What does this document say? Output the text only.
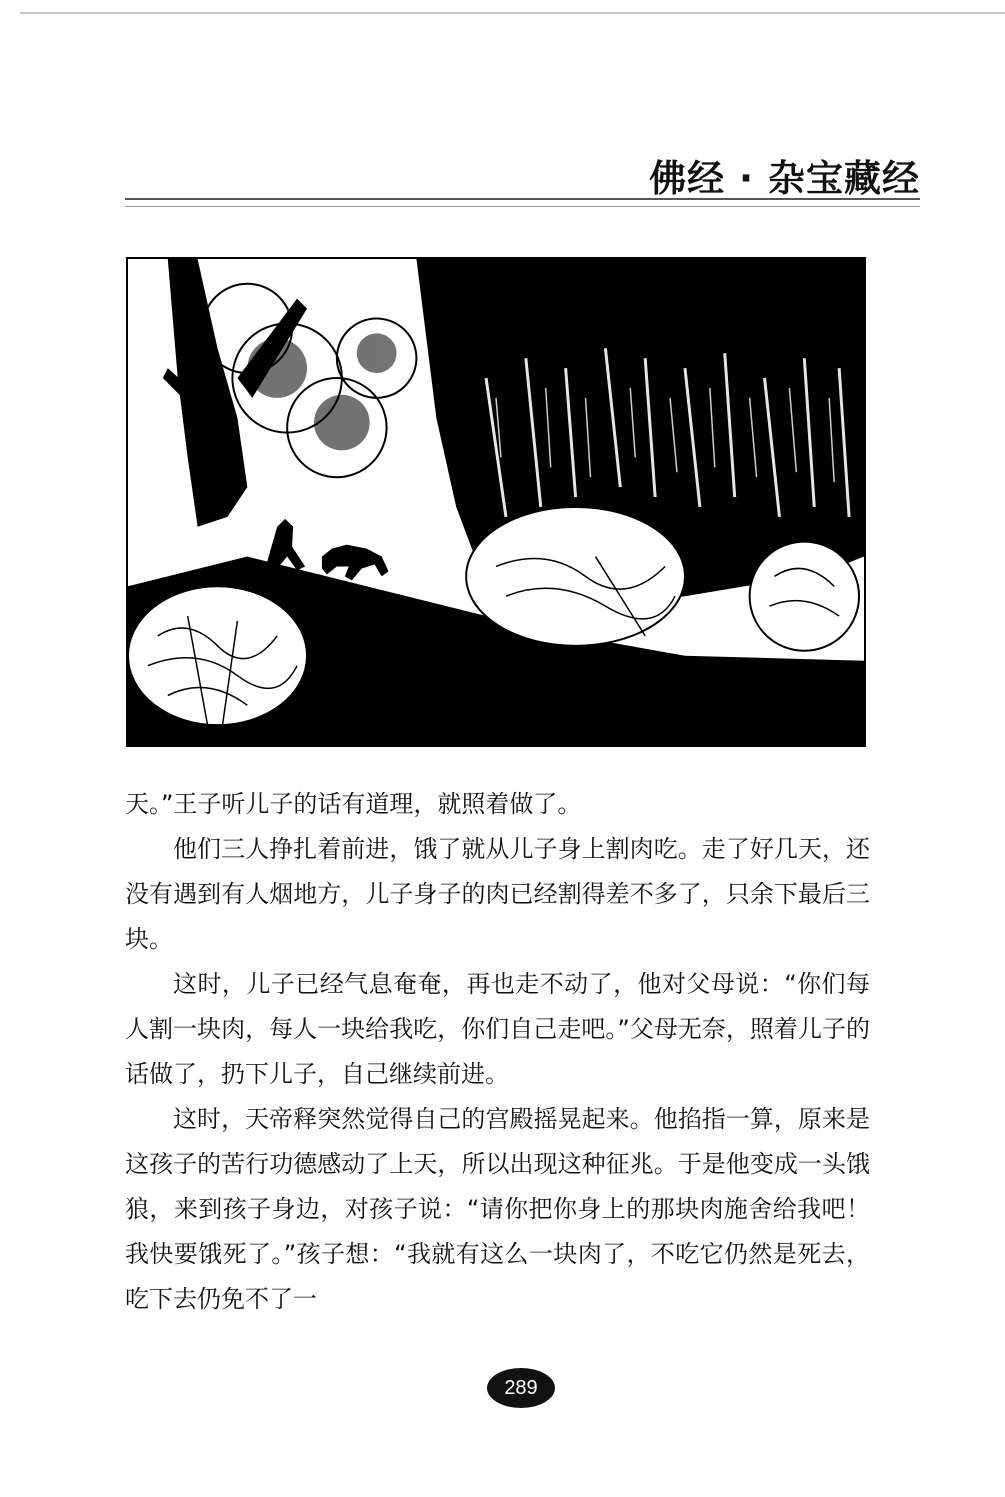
佛经 · 杂宝藏经

天。”王子听儿子的话有道理，就照着做了。

他们三人挣扎着前进，饿了就从儿子身上割肉吃。走了好几天，还没有遇到有人烟地方，儿子身子的肉已经割得差不多了，只余下最后三块。

这时，儿子已经气息奄奄，再也走不动了，他对父母说：“你们每人割一块肉，每人一块给我吃，你们自己走吧。”父母无奈，照着儿子的话做了，扔下儿子，自己继续前进。

这时，天帝释突然觉得自己的宫殿摇晃起来。他掐指一算，原来是这孩子的苦行功德感动了上天，所以出现这种征兆。于是他变成一头饿狼，来到孩子身边，对孩子说：“请你把你身上的那块肉施舍给我吧！我快要饿死了。”孩子想：“我就有这么一块肉了，不吃它仍然是死去，吃下去仍免不了一

289
